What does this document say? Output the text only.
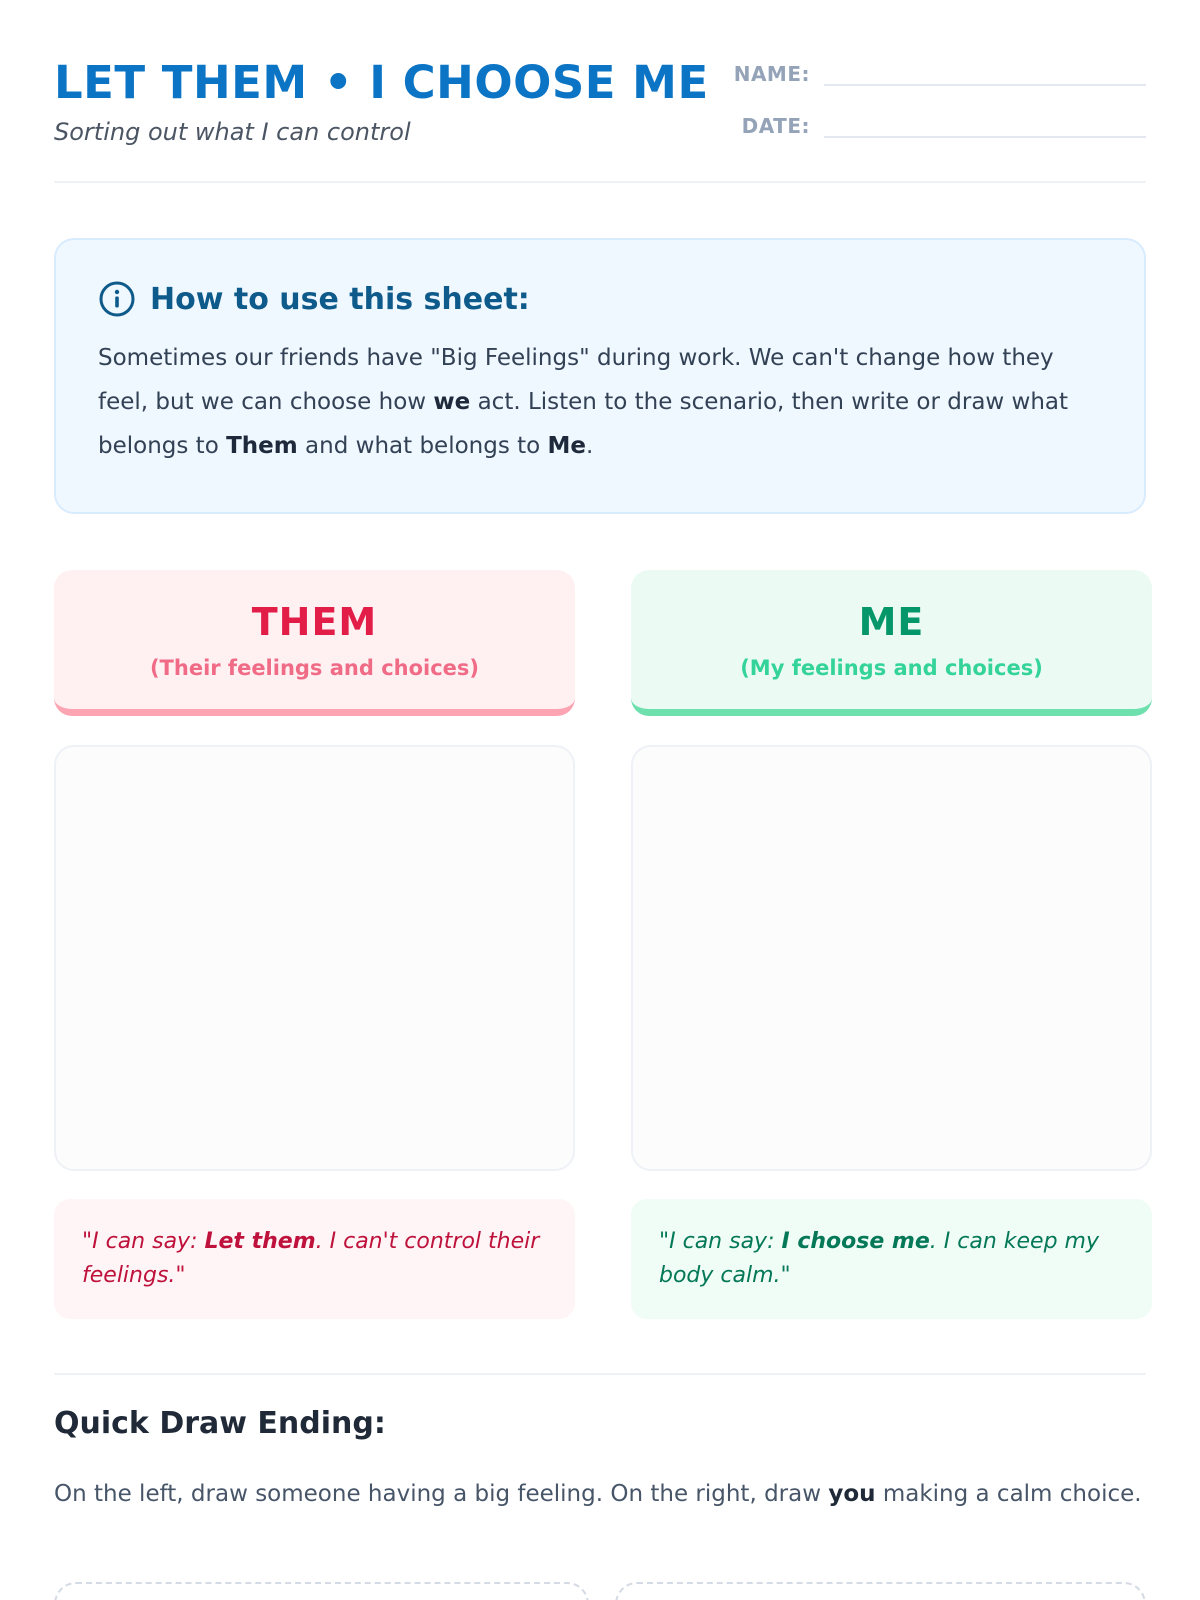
LET THEM • I CHOOSE ME
Sorting out what I can control
NAME:
DATE:
How to use this sheet:

Sometimes our friends have "Big Feelings" during work. We can't change how they feel, but we can choose how we act. Listen to the scenario, then write or draw what belongs to Them and what belongs to Me.

THEM
(Their feelings and choices)
ME
(My feelings and choices)
"I can say: Let them. I can't control their feelings."
"I can say: I choose me. I can keep my body calm."
Quick Draw Ending:

On the left, draw someone having a big feeling. On the right, draw you making a calm choice.
